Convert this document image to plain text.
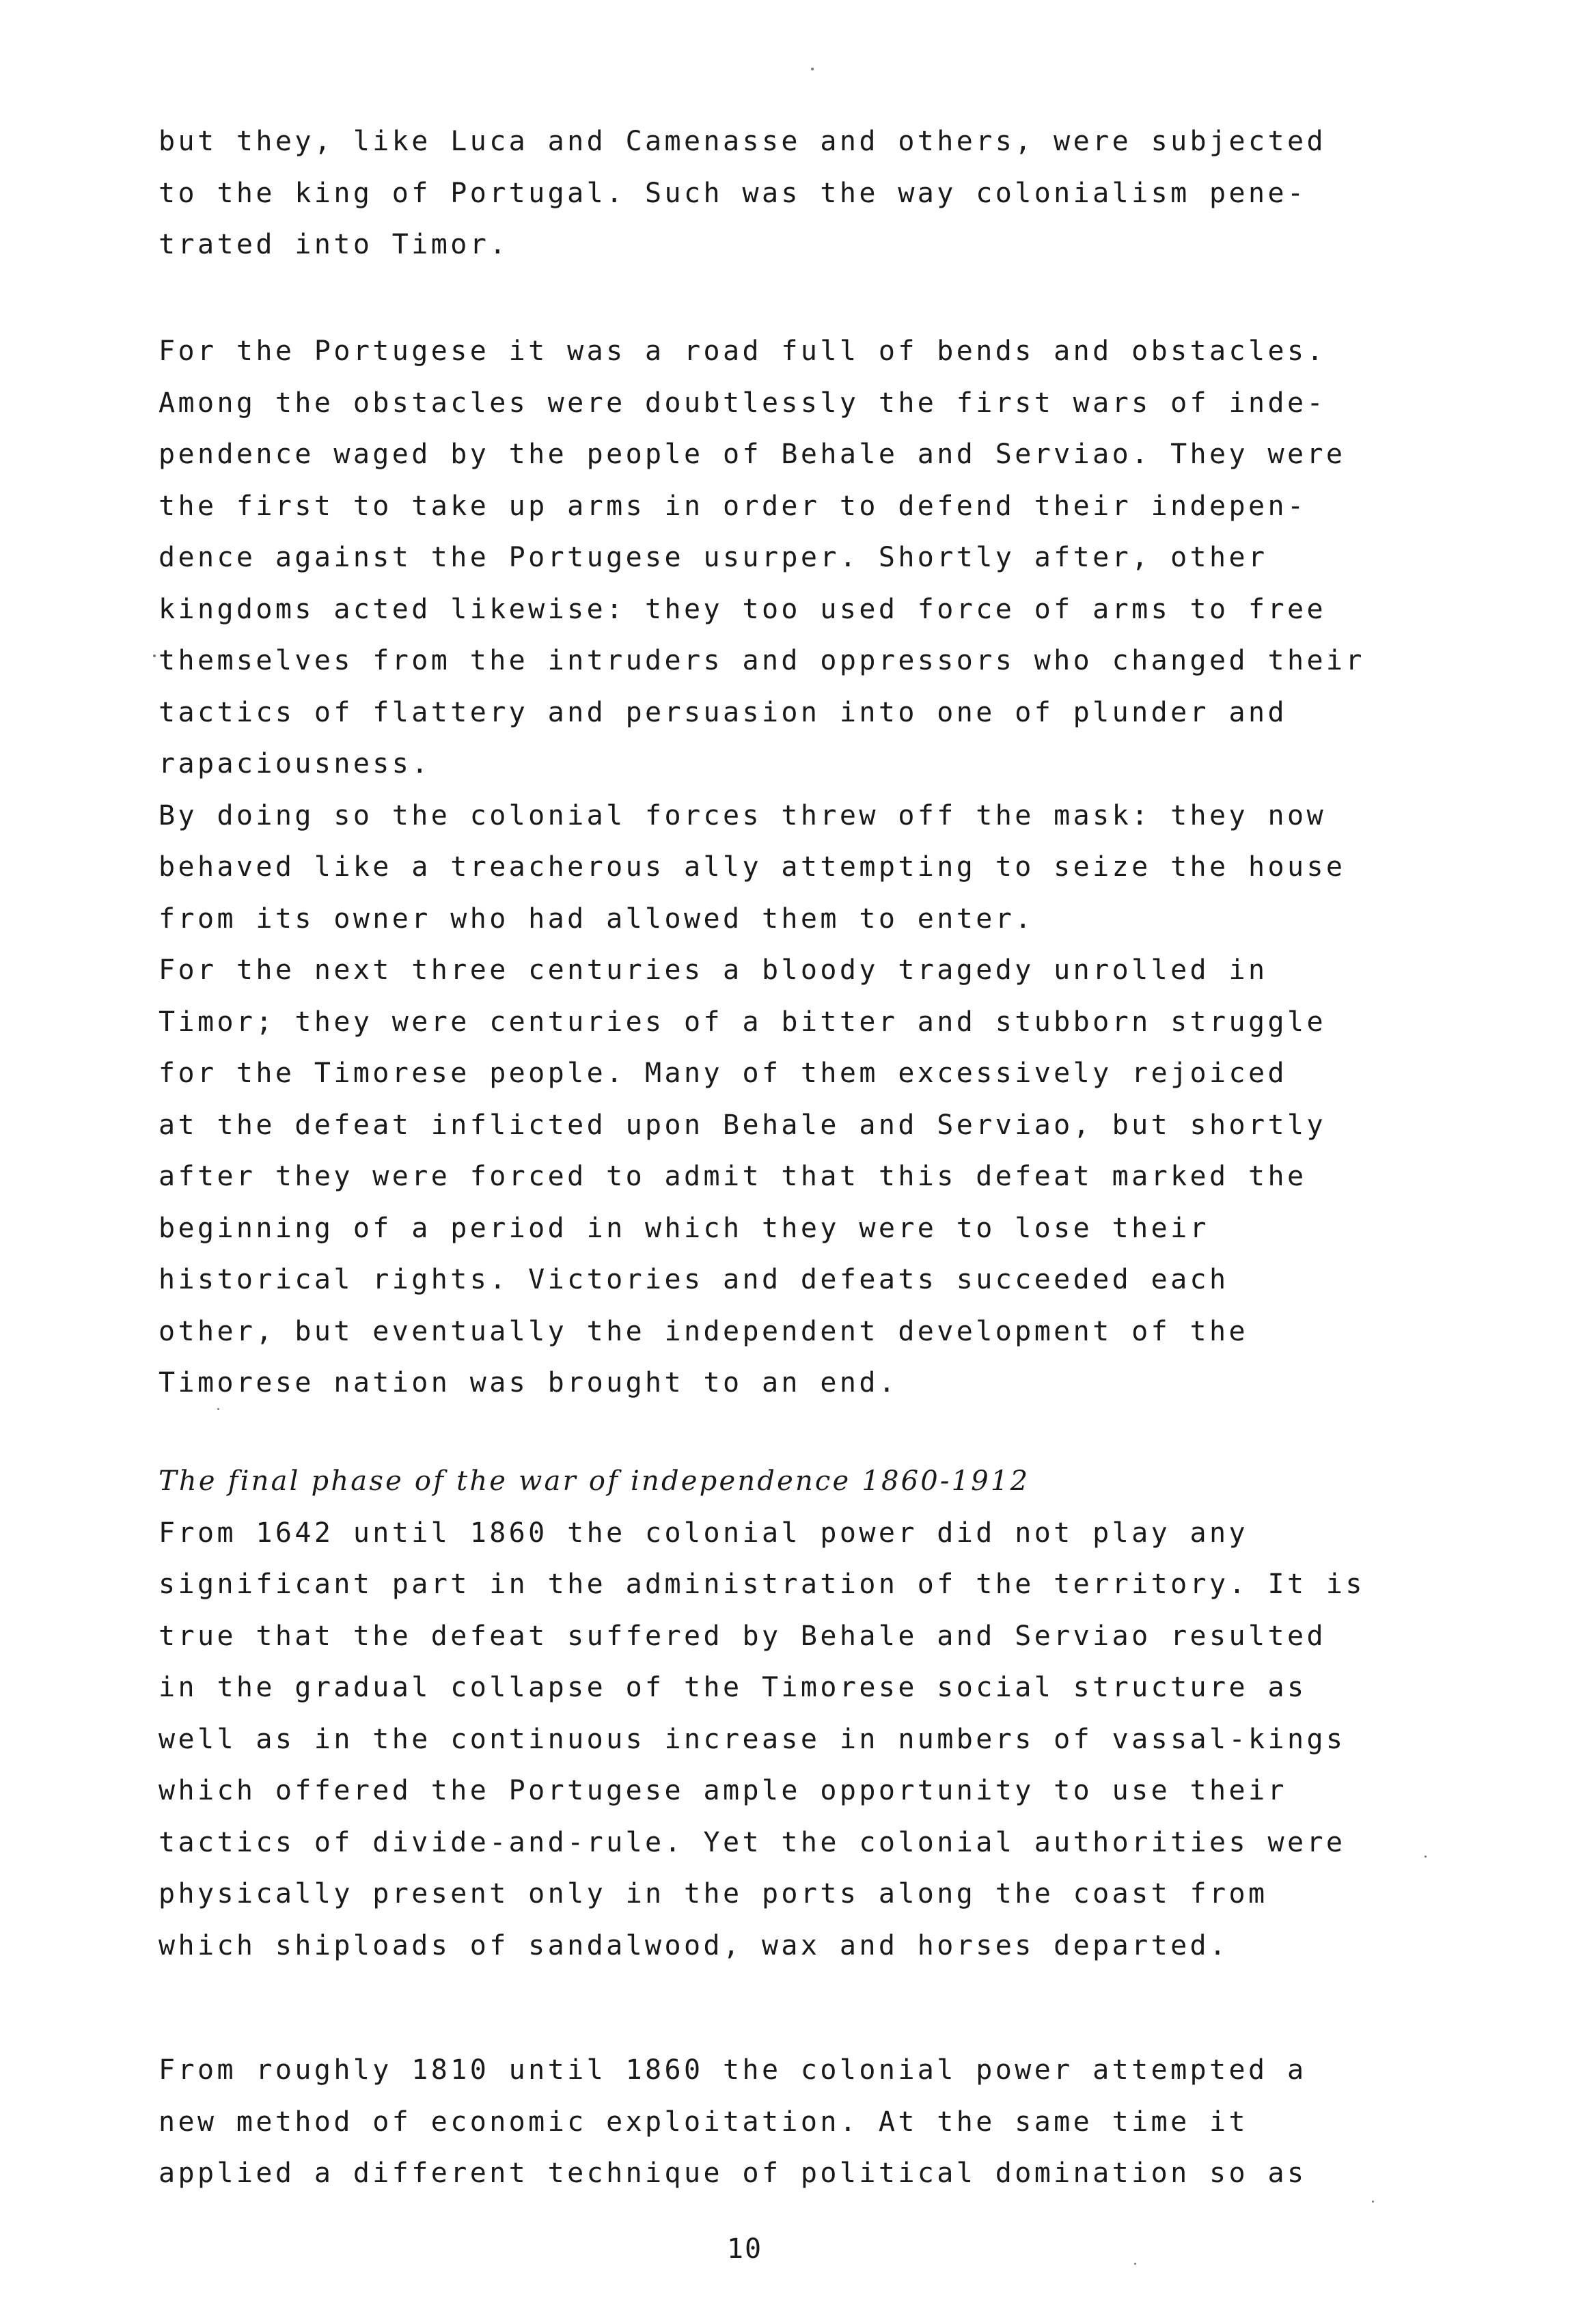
but they, like Luca and Camenasse and others, were subjected
to the king of Portugal. Such was the way colonialism pene-
trated into Timor.
For the Portugese it was a road full of bends and obstacles.
Among the obstacles were doubtlessly the first wars of inde-
pendence waged by the people of Behale and Serviao. They were
the first to take up arms in order to defend their indepen-
dence against the Portugese usurper. Shortly after, other
kingdoms acted likewise: they too used force of arms to free
themselves from the intruders and oppressors who changed their
tactics of flattery and persuasion into one of plunder and
rapaciousness.
By doing so the colonial forces threw off the mask: they now
behaved like a treacherous ally attempting to seize the house
from its owner who had allowed them to enter.
For the next three centuries a bloody tragedy unrolled in
Timor; they were centuries of a bitter and stubborn struggle
for the Timorese people. Many of them excessively rejoiced
at the defeat inflicted upon Behale and Serviao, but shortly
after they were forced to admit that this defeat marked the
beginning of a period in which they were to lose their
historical rights. Victories and defeats succeeded each
other, but eventually the independent development of the
Timorese nation was brought to an end.
The final phase of the war of independence 1860-1912
From 1642 until 1860 the colonial power did not play any
significant part in the administration of the territory. It is
true that the defeat suffered by Behale and Serviao resulted
in the gradual collapse of the Timorese social structure as
well as in the continuous increase in numbers of vassal-kings
which offered the Portugese ample opportunity to use their
tactics of divide-and-rule. Yet the colonial authorities were
physically present only in the ports along the coast from
which shiploads of sandalwood, wax and horses departed.
From roughly 1810 until 1860 the colonial power attempted a
new method of economic exploitation. At the same time it
applied a different technique of political domination so as
10
